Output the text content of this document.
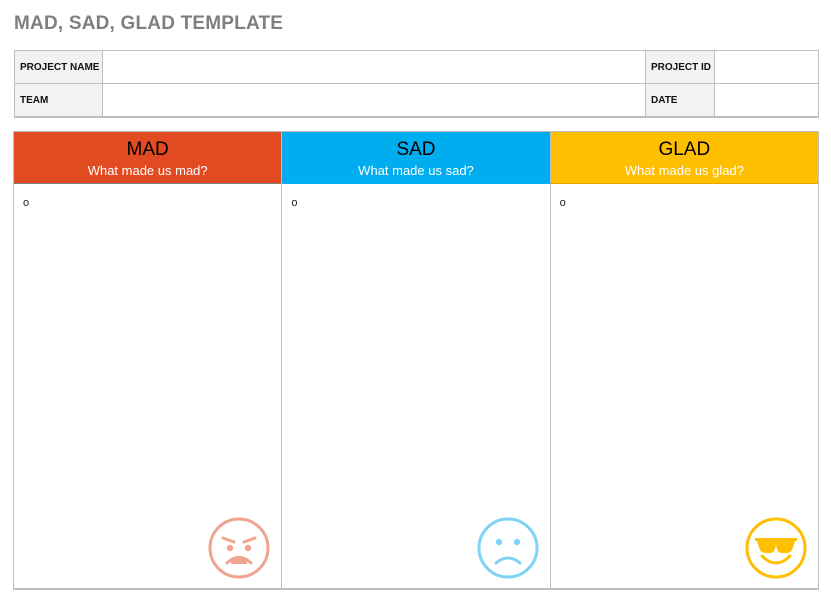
MAD, SAD, GLAD TEMPLATE
PROJECT NAME		PROJECT ID	
TEAM		DATE	
MAD
What made us mad?
o
SAD
What made us sad?
o
GLAD
What made us glad?
o
